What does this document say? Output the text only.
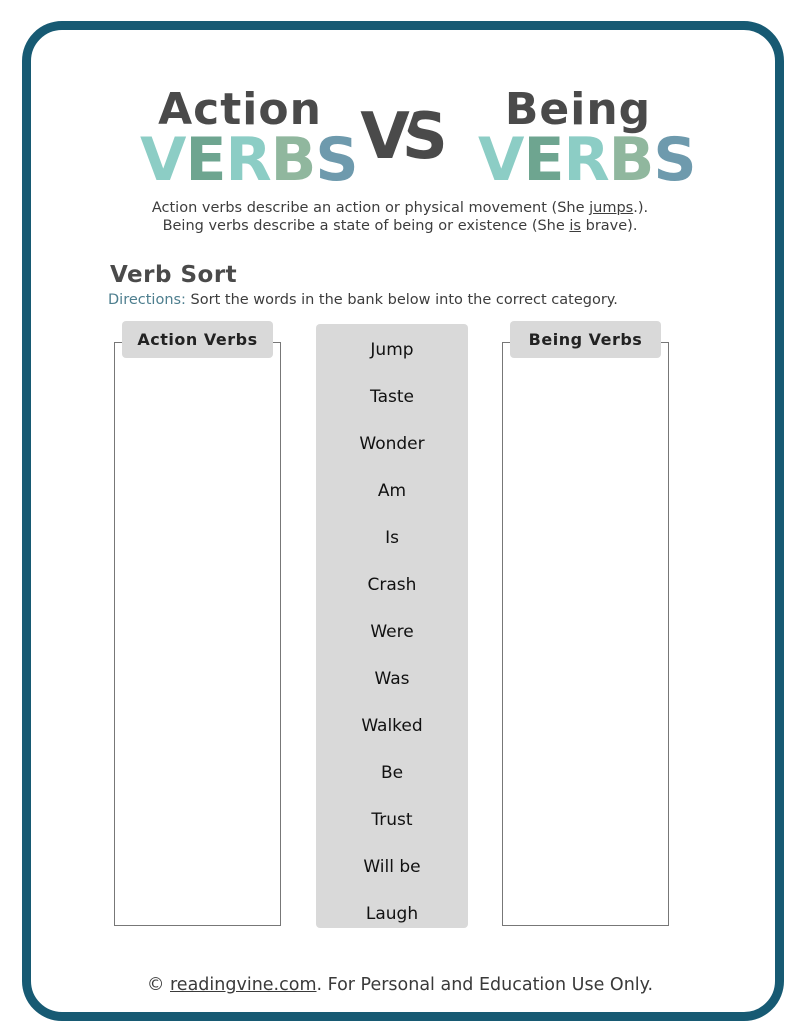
Action
VERBS VS	Being
VERBS
Action verbs describe an action or physical movement (She jumps.).
Being verbs describe a state of being or existence (She is brave).
Verb Sort
Directions: Sort the words in the bank below into the correct category.
Action Verbs
Jump
Taste
Wonder
Am
Is
Crash
Were
Was
Walked
Be
Trust
Will be
Laugh
Being Verbs
© readingvine.com. For Personal and Education Use Only.
